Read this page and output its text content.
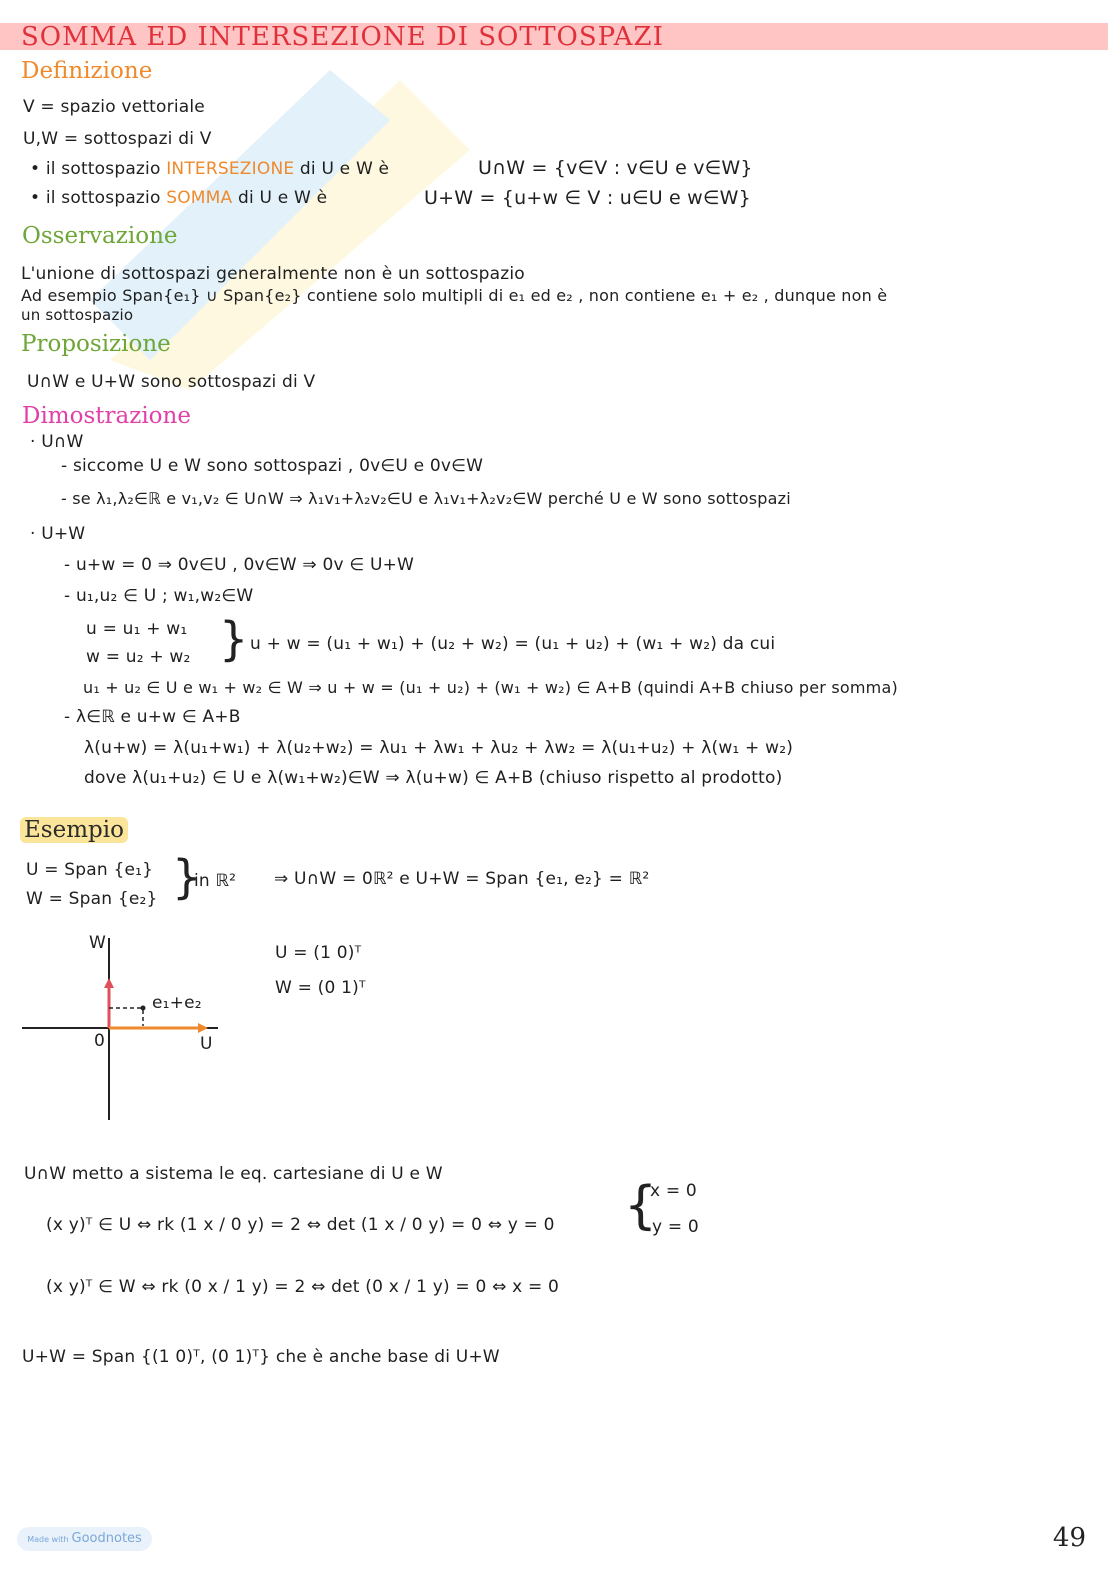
SOMMA ED INTERSEZIONE DI SOTTOSPAZI
Definizione
V = spazio vettoriale
U,W = sottospazi di V
• il sottospazio INTERSEZIONE di U e W è	U∩W = {v∈V : v∈U e v∈W}
• il sottospazio SOMMA di U e W è	U+W = {u+w ∈ V : u∈U e w∈W}
Osservazione
L'unione di sottospazi generalmente non è un sottospazio
Ad esempio Span{e₁} ∪ Span{e₂} contiene solo multipli di e₁ ed e₂ , non contiene e₁ + e₂ , dunque non è
un sottospazio
Proposizione
U∩W e U+W sono sottospazi di V
Dimostrazione
· U∩W
- siccome U e W sono sottospazi , 0v∈U e 0v∈W
- se λ₁,λ₂∈ℝ e v₁,v₂ ∈ U∩W ⇒ λ₁v₁+λ₂v₂∈U e λ₁v₁+λ₂v₂∈W perché U e W sono sottospazi
· U+W
- u+w = 0 ⇒ 0v∈U , 0v∈W ⇒ 0v ∈ U+W
- u₁,u₂ ∈ U ; w₁,w₂∈W
u = u₁ + w₁
w = u₂ + w₂ } u + w = (u₁ + w₁) + (u₂ + w₂) = (u₁ + u₂) + (w₁ + w₂) da cui
u₁ + u₂ ∈ U e w₁ + w₂ ∈ W ⇒ u + w = (u₁ + u₂) + (w₁ + w₂) ∈ A+B (quindi A+B chiuso per somma)
- λ∈ℝ e u+w ∈ A+B
λ(u+w) = λ(u₁+w₁) + λ(u₂+w₂) = λu₁ + λw₁ + λu₂ + λw₂ = λ(u₁+u₂) + λ(w₁ + w₂)
dove λ(u₁+u₂) ∈ U e λ(w₁+w₂)∈W ⇒ λ(u+w) ∈ A+B (chiuso rispetto al prodotto)
Esempio
U = Span {e₁}
W = Span {e₂} }
in ℝ² ⇒ U∩W = 0ℝ² e U+W = Span {e₁, e₂} = ℝ²
W
U
0
e₁+e₂
U = (1 0)ᵀ
W = (0 1)ᵀ
U∩W metto a sistema le eq. cartesiane di U e W
(x y)ᵀ ∈ U ⇔ rk (1 x / 0 y) = 2 ⇔ det (1 x / 0 y) = 0 ⇔ y = 0
(x y)ᵀ ∈ W ⇔ rk (0 x / 1 y) = 2 ⇔ det (0 x / 1 y) = 0 ⇔ x = 0
{
x = 0
y = 0
U+W = Span {(1 0)ᵀ, (0 1)ᵀ} che è anche base di U+W
Made with Goodnotes	49
